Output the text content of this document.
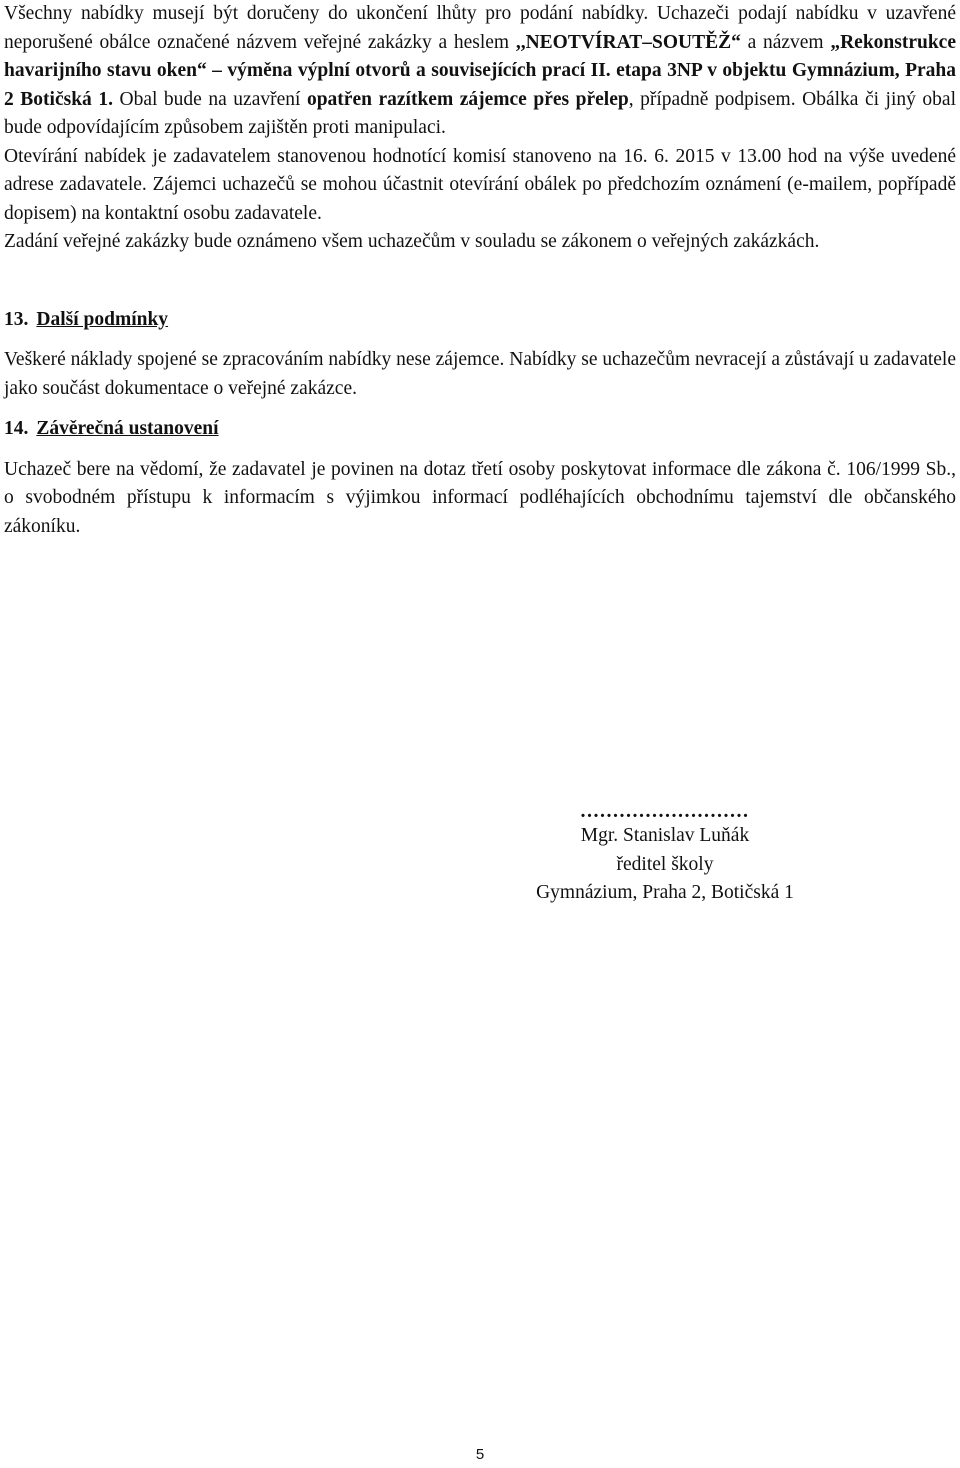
Všechny nabídky musejí být doručeny do ukončení lhůty pro podání nabídky. Uchazeči podají nabídku v uzavřené neporušené obálce označené názvem veřejné zakázky a heslem ,,NEOTVÍRAT–SOUTĚŽ“ a názvem „Rekonstrukce havarijního stavu oken“ – výměna výplní otvorů a souvisejících prací II. etapa 3NP v objektu Gymnázium, Praha 2 Botičská 1. Obal bude na uzavření opatřen razítkem zájemce přes přelep, případně podpisem. Obálka či jiný obal bude odpovídajícím způsobem zajištěn proti manipulaci.

Otevírání nabídek je zadavatelem stanovenou hodnotící komisí stanoveno na 16. 6. 2015 v 13.00 hod na výše uvedené adrese zadavatele. Zájemci uchazečů se mohou účastnit otevírání obálek po předchozím oznámení (e-mailem, popřípadě dopisem) na kontaktní osobu zadavatele.

Zadání veřejné zakázky bude oznámeno všem uchazečům v souladu se zákonem o veřejných zakázkách.

13. Další podmínky

Veškeré náklady spojené se zpracováním nabídky nese zájemce. Nabídky se uchazečům nevracejí a zůstávají u zadavatele jako součást dokumentace o veřejné zakázce.

14. Závěrečná ustanovení

Uchazeč bere na vědomí, že zadavatel je povinen na dotaz třetí osoby poskytovat informace dle zákona č. 106/1999 Sb., o svobodném přístupu k informacím s výjimkou informací podléhajících obchodnímu tajemství dle občanského zákoníku.

..........................
Mgr. Stanislav Luňák
ředitel školy
Gymnázium, Praha 2, Botičská 1
5
